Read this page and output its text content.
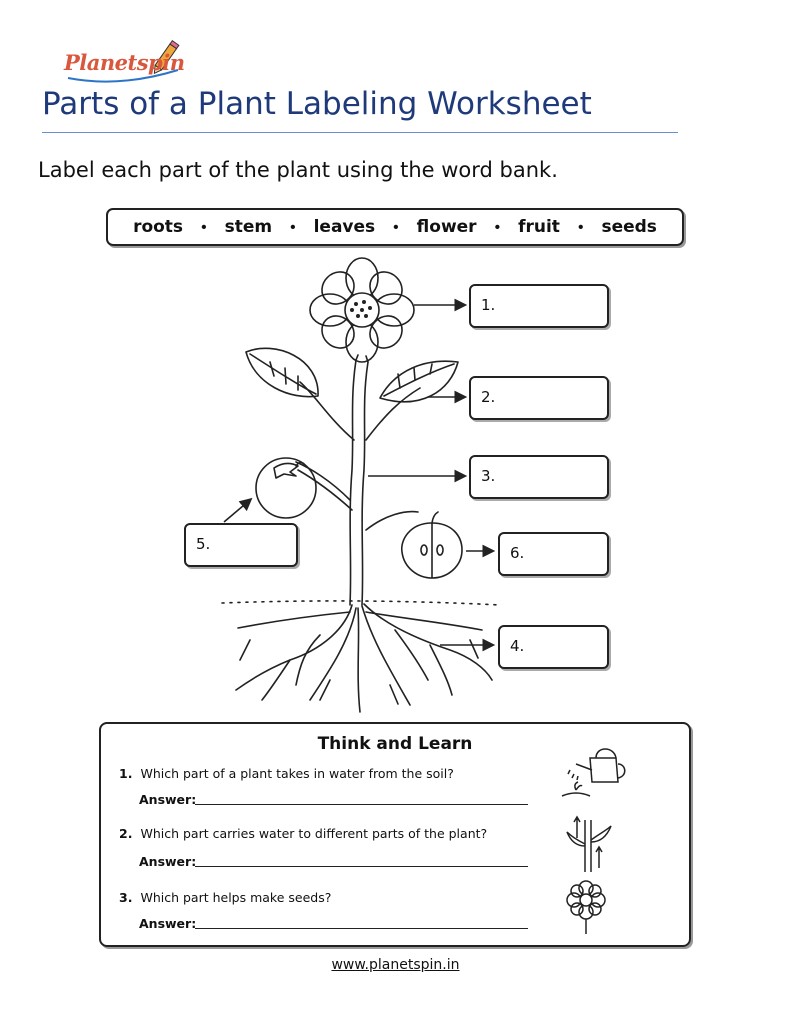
Planetspin
Parts of a Plant Labeling Worksheet
Label each part of the plant using the word bank.
roots • stem • leaves • flower • fruit • seeds
1.
2.
3.
4.
5.	6.
Think and Learn
1. Which part of a plant takes in water from the soil?
Answer:
2. Which part carries water to different parts of the plant?
Answer:
3. Which part helps make seeds?
Answer:
www.planetspin.in
